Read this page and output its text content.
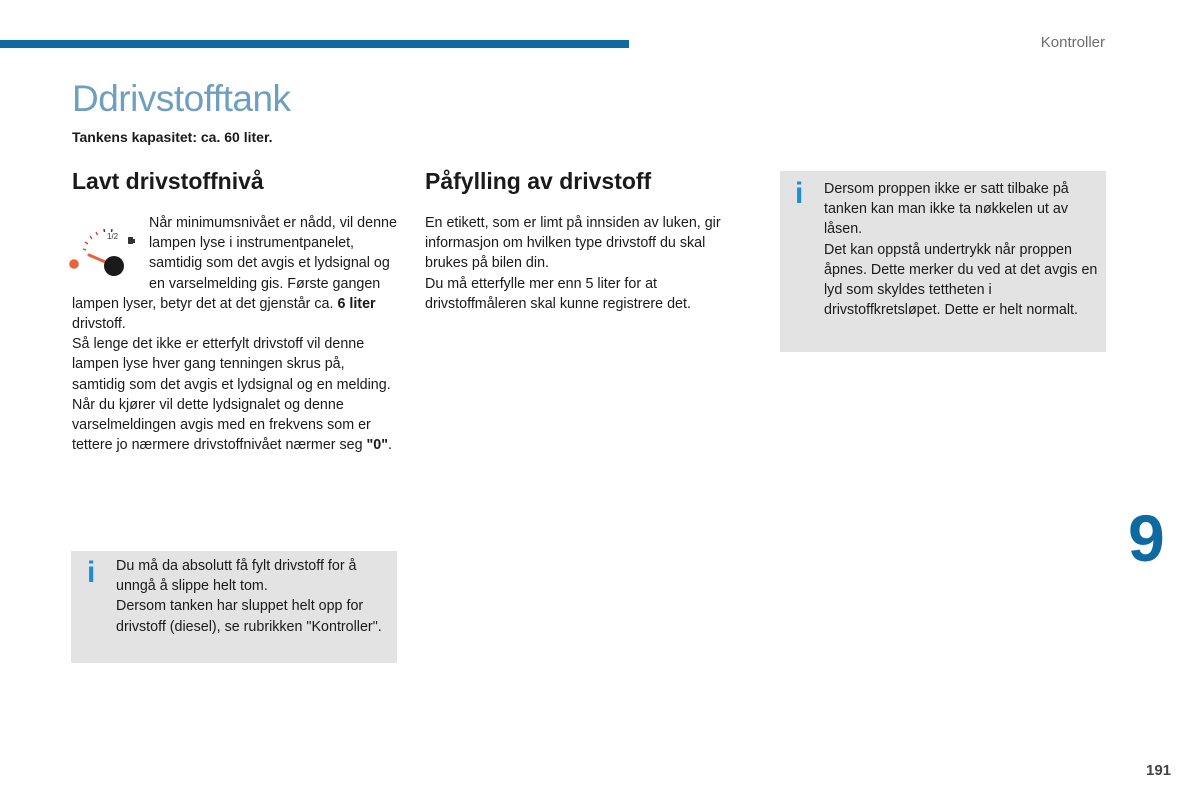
Kontroller
Ddrivstofftank
Tankens kapasitet: ca. 60 liter.
Lavt drivstoffnivå
1/2
Når minimumsnivået er nådd, vil denne lampen lyse i instrumentpanelet, samtidig som det avgis et lydsignal og en varselmelding gis. Første gangen lampen lyser, betyr det at det gjenstår ca. 6 liter drivstoff.
Så lenge det ikke er etterfylt drivstoff vil denne lampen lyse hver gang tenningen skrus på, samtidig som det avgis et lydsignal og en melding. Når du kjører vil dette lydsignalet og denne varselmeldingen avgis med en frekvens som er tettere jo nærmere drivstoffnivået nærmer seg "0".
i Du må da absolutt få fylt drivstoff for å unngå å slippe helt tom.

Dersom tanken har sluppet helt opp for drivstoff (diesel), se rubrikken "Kontroller".

Påfylling av drivstoff

En etikett, som er limt på innsiden av luken, gir informasjon om hvilken type drivstoff du skal brukes på bilen din.

Du må etterfylle mer enn 5 liter for at drivstoffmåleren skal kunne registrere det.

i Dersom proppen ikke er satt tilbake på tanken kan man ikke ta nøkkelen ut av låsen.

Det kan oppstå undertrykk når proppen åpnes. Dette merker du ved at det avgis en lyd som skyldes tettheten i drivstoffkretsløpet. Dette er helt normalt.

9
191
